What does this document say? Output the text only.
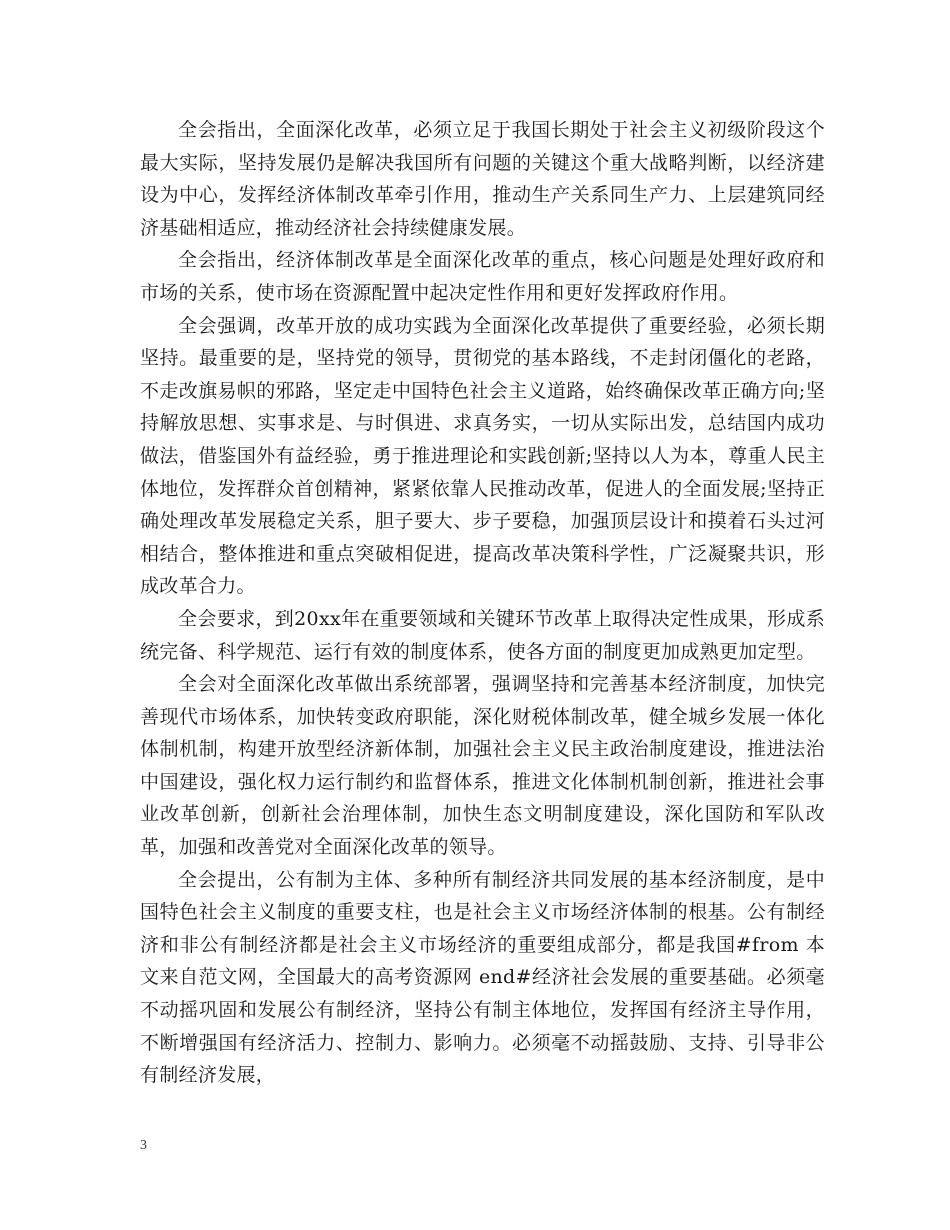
全会指出，全面深化改革，必须立足于我国长期处于社会主义初级阶段这个最大实际，坚持发展仍是解决我国所有问题的关键这个重大战略判断，以经济建设为中心，发挥经济体制改革牵引作用，推动生产关系同生产力、上层建筑同经济基础相适应，推动经济社会持续健康发展。

全会指出，经济体制改革是全面深化改革的重点，核心问题是处理好政府和市场的关系，使市场在资源配置中起决定性作用和更好发挥政府作用。

全会强调，改革开放的成功实践为全面深化改革提供了重要经验，必须长期坚持。最重要的是，坚持党的领导，贯彻党的基本路线，不走封闭僵化的老路，不走改旗易帜的邪路，坚定走中国特色社会主义道路，始终确保改革正确方向;坚持解放思想、实事求是、与时俱进、求真务实，一切从实际出发，总结国内成功做法，借鉴国外有益经验，勇于推进理论和实践创新;坚持以人为本，尊重人民主体地位，发挥群众首创精神，紧紧依靠人民推动改革，促进人的全面发展;坚持正确处理改革发展稳定关系，胆子要大、步子要稳，加强顶层设计和摸着石头过河相结合，整体推进和重点突破相促进，提高改革决策科学性，广泛凝聚共识，形成改革合力。

全会要求，到20xx年在重要领域和关键环节改革上取得决定性成果，形成系统完备、科学规范、运行有效的制度体系，使各方面的制度更加成熟更加定型。

全会对全面深化改革做出系统部署，强调坚持和完善基本经济制度，加快完善现代市场体系，加快转变政府职能，深化财税体制改革，健全城乡发展一体化体制机制，构建开放型经济新体制，加强社会主义民主政治制度建设，推进法治中国建设，强化权力运行制约和监督体系，推进文化体制机制创新，推进社会事业改革创新，创新社会治理体制，加快生态文明制度建设，深化国防和军队改革，加强和改善党对全面深化改革的领导。

全会提出，公有制为主体、多种所有制经济共同发展的基本经济制度，是中国特色社会主义制度的重要支柱，也是社会主义市场经济体制的根基。公有制经济和非公有制经济都是社会主义市场经济的重要组成部分，都是我国#from 本文来自范文网，全国最大的高考资源网 end#经济社会发展的重要基础。必须毫不动摇巩固和发展公有制经济，坚持公有制主体地位，发挥国有经济主导作用，不断增强国有经济活力、控制力、影响力。必须毫不动摇鼓励、支持、引导非公有制经济发展，

3
